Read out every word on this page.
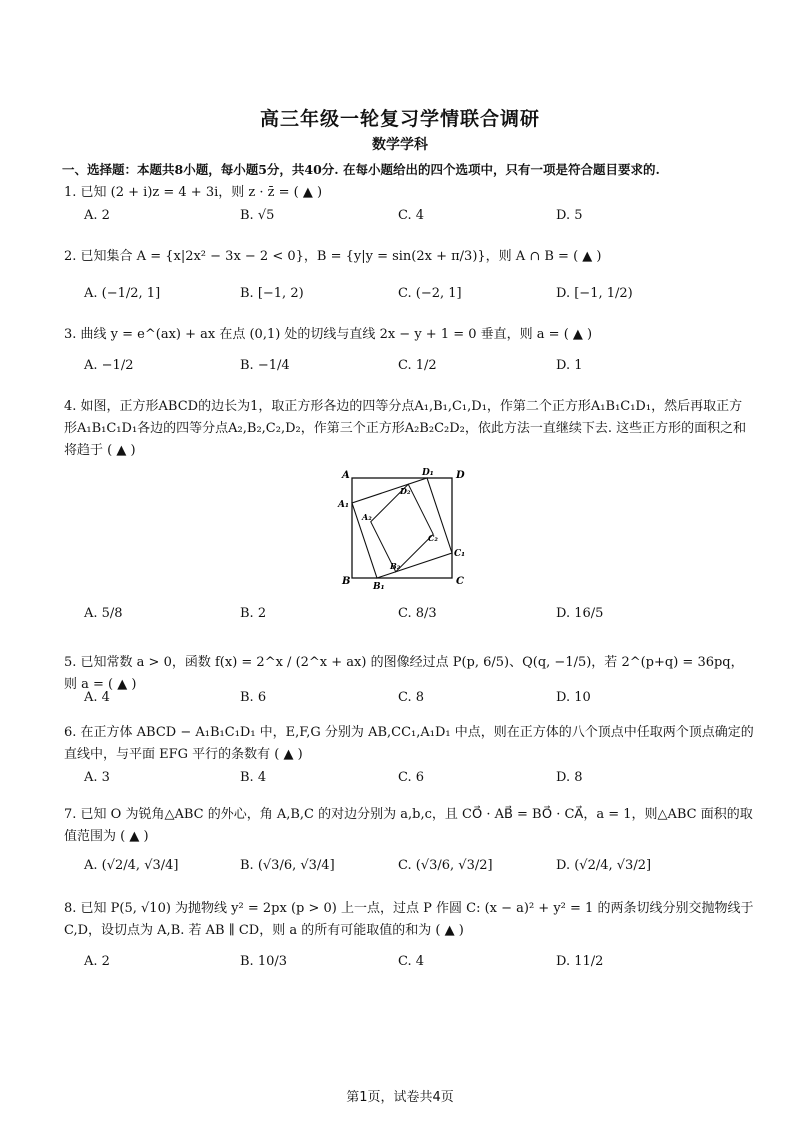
高三年级一轮复习学情联合调研
数学学科
一、选择题：本题共8小题，每小题5分，共40分. 在每小题给出的四个选项中，只有一项是符合题目要求的.
1. 已知 (2 + i)z = 4 + 3i，则 z · z̄ = ( ▲ )
A. 2	B. √5	C. 4	D. 5
2. 已知集合 A = {x|2x² − 3x − 2 < 0}，B = {y|y = sin(2x + π/3)}，则 A ∩ B = ( ▲ )
A. (−1/2, 1]	B. [−1, 2)	C. (−2, 1]	D. [−1, 1/2)
3. 曲线 y = e^(ax) + ax 在点 (0,1) 处的切线与直线 2x − y + 1 = 0 垂直，则 a = ( ▲ )
A. −1/2	B. −1/4	C. 1/2	D. 1
4. 如图，正方形ABCD的边长为1，取正方形各边的四等分点A₁,B₁,C₁,D₁，作第二个正方形A₁B₁C₁D₁，然后再取正方形A₁B₁C₁D₁各边的四等分点A₂,B₂,C₂,D₂，作第三个正方形A₂B₂C₂D₂，依此方法一直继续下去. 这些正方形的面积之和将趋于 ( ▲ )
A
B	C
D
A₁
B₁
C₁
D₁
A₂
B₂
C₂
D₂
A. 5/8	B. 2	C. 8/3	D. 16/5
5. 已知常数 a > 0，函数 f(x) = 2^x / (2^x + ax) 的图像经过点 P(p, 6/5)、Q(q, −1/5)，若 2^(p+q) = 36pq，则 a = ( ▲ )
A. 4	B. 6	C. 8	D. 10
6. 在正方体 ABCD − A₁B₁C₁D₁ 中，E,F,G 分别为 AB,CC₁,A₁D₁ 中点，则在正方体的八个顶点中任取两个顶点确定的直线中，与平面 EFG 平行的条数有 ( ▲ )
A. 3	B. 4	C. 6	D. 8
7. 已知 O 为锐角△ABC 的外心，角 A,B,C 的对边分别为 a,b,c，且 CO⃗ · AB⃗ = BO⃗ · CA⃗，a = 1，则△ABC 面积的取值范围为 ( ▲ )
A. (√2/4, √3/4]	B. (√3/6, √3/4]	C. (√3/6, √3/2]	D. (√2/4, √3/2]
8. 已知 P(5, √10) 为抛物线 y² = 2px (p > 0) 上一点，过点 P 作圆 C: (x − a)² + y² = 1 的两条切线分别交抛物线于 C,D，设切点为 A,B. 若 AB ∥ CD，则 a 的所有可能取值的和为 ( ▲ )
A. 2	B. 10/3	C. 4	D. 11/2
第1页，试卷共4页
